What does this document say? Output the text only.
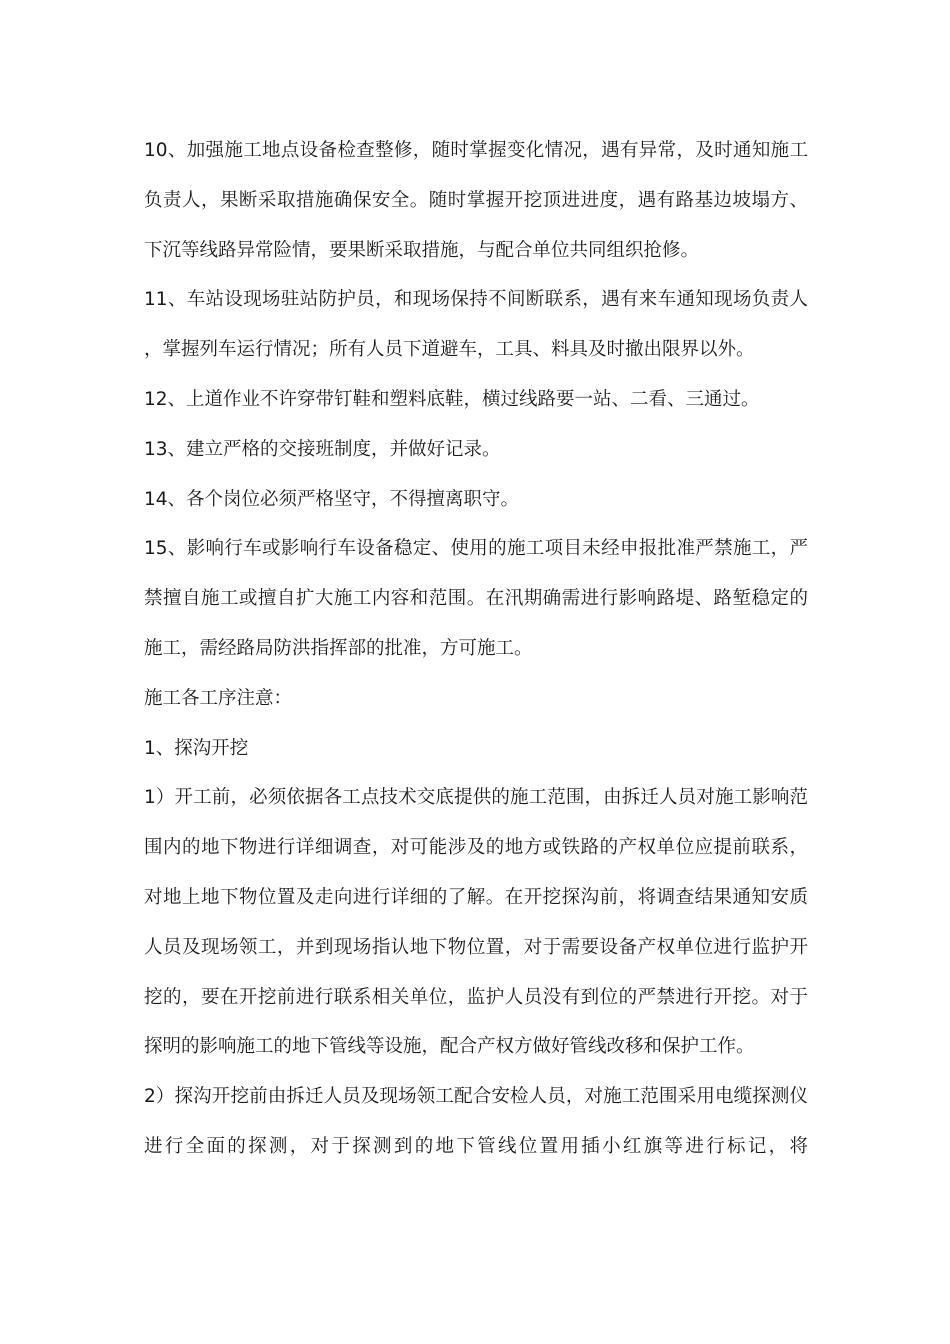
10、加强施工地点设备检查整修，随时掌握变化情况，遇有异常，及时通知施工负责人，果断采取措施确保安全。随时掌握开挖顶进进度，遇有路基边坡塌方、下沉等线路异常险情，要果断采取措施，与配合单位共同组织抢修。

11、车站设现场驻站防护员，和现场保持不间断联系，遇有来车通知现场负责人，掌握列车运行情况；所有人员下道避车，工具、料具及时撤出限界以外。

12、上道作业不许穿带钉鞋和塑料底鞋，横过线路要一站、二看、三通过。

13、建立严格的交接班制度，并做好记录。

14、各个岗位必须严格坚守，不得擅离职守。

15、影响行车或影响行车设备稳定、使用的施工项目未经申报批准严禁施工，严禁擅自施工或擅自扩大施工内容和范围。在汛期确需进行影响路堤、路堑稳定的施工，需经路局防洪指挥部的批准，方可施工。

施工各工序注意：

1、探沟开挖

1）开工前，必须依据各工点技术交底提供的施工范围，由拆迁人员对施工影响范围内的地下物进行详细调查，对可能涉及的地方或铁路的产权单位应提前联系，对地上地下物位置及走向进行详细的了解。在开挖探沟前，将调查结果通知安质人员及现场领工，并到现场指认地下物位置，对于需要设备产权单位进行监护开挖的，要在开挖前进行联系相关单位，监护人员没有到位的严禁进行开挖。对于探明的影响施工的地下管线等设施，配合产权方做好管线改移和保护工作。

2）探沟开挖前由拆迁人员及现场领工配合安检人员，对施工范围采用电缆探测仪进行全面的探测，对于探测到的地下管线位置用插小红旗等进行标记，将
